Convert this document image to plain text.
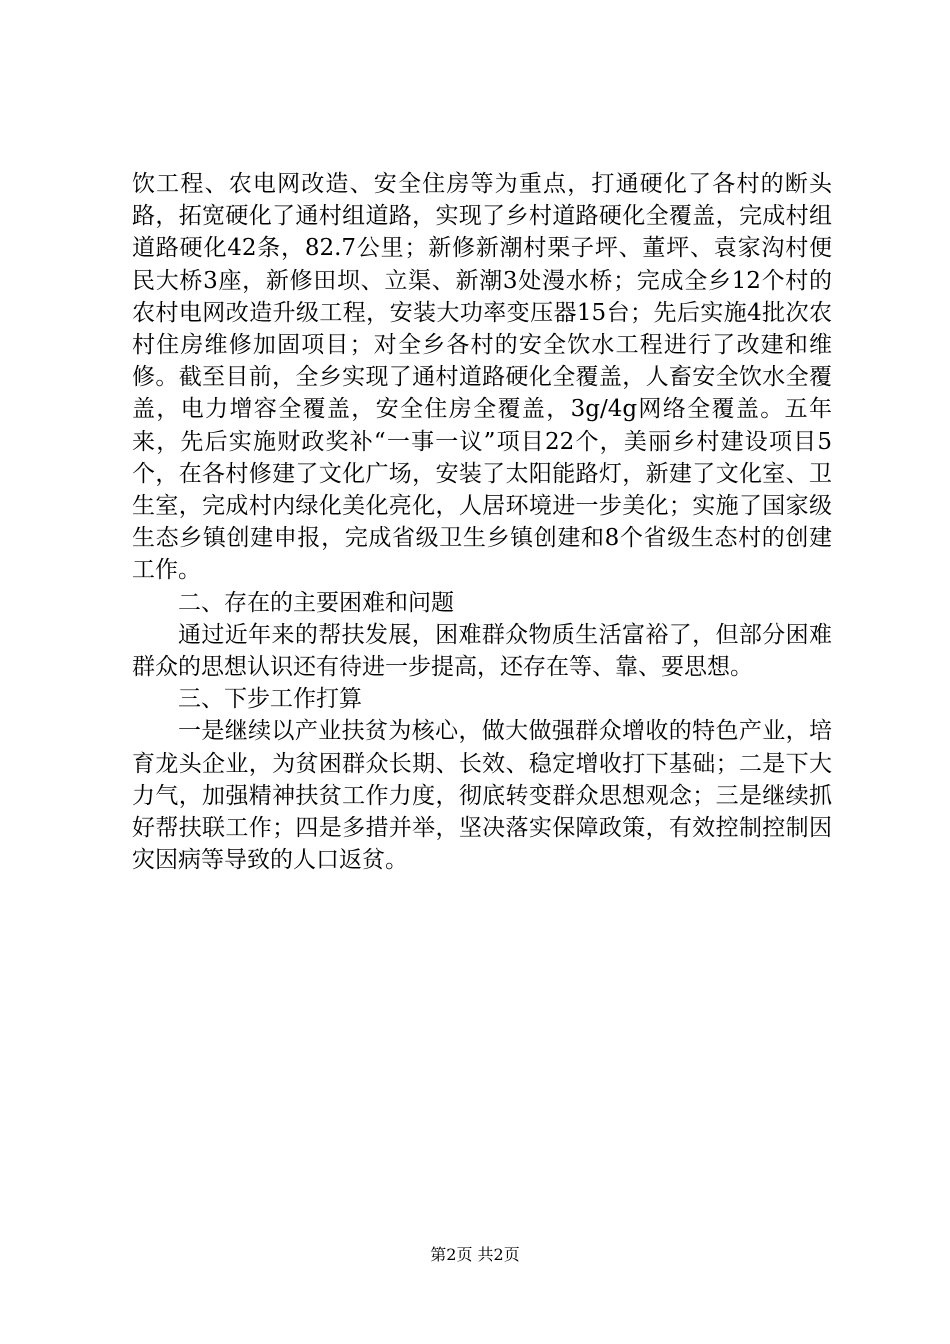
饮工程、农电网改造、安全住房等为重点，打通硬化了各村的断头路，拓宽硬化了通村组道路，实现了乡村道路硬化全覆盖，完成村组道路硬化42条，82.7公里；新修新潮村栗子坪、董坪、袁家沟村便民大桥3座，新修田坝、立渠、新潮3处漫水桥；完成全乡12个村的农村电网改造升级工程，安装大功率变压器15台；先后实施4批次农村住房维修加固项目；对全乡各村的安全饮水工程进行了改建和维修。截至目前，全乡实现了通村道路硬化全覆盖，人畜安全饮水全覆盖，电力增容全覆盖，安全住房全覆盖，3g/4g网络全覆盖。五年来，先后实施财政奖补“一事一议”项目22个，美丽乡村建设项目5个，在各村修建了文化广场，安装了太阳能路灯，新建了文化室、卫生室，完成村内绿化美化亮化，人居环境进一步美化；实施了国家级生态乡镇创建申报，完成省级卫生乡镇创建和8个省级生态村的创建工作。

二、存在的主要困难和问题

通过近年来的帮扶发展，困难群众物质生活富裕了，但部分困难群众的思想认识还有待进一步提高，还存在等、靠、要思想。

三、下步工作打算

一是继续以产业扶贫为核心，做大做强群众增收的特色产业，培育龙头企业，为贫困群众长期、长效、稳定增收打下基础；二是下大力气，加强精神扶贫工作力度，彻底转变群众思想观念；三是继续抓好帮扶联工作；四是多措并举，坚决落实保障政策，有效控制控制因灾因病等导致的人口返贫。

第2页 共2页
